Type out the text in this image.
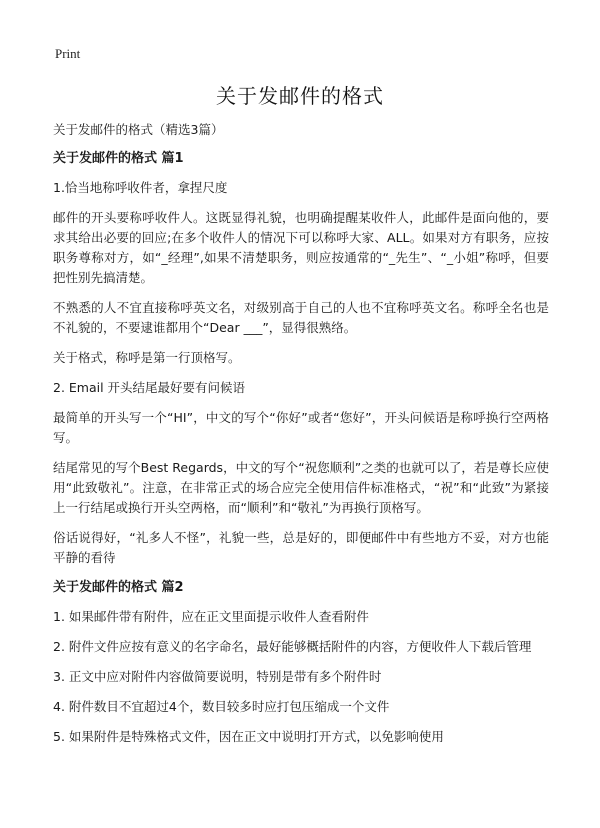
Print
关于发邮件的格式

关于发邮件的格式（精选3篇）

关于发邮件的格式 篇1

1.恰当地称呼收件者，拿捏尺度

邮件的开头要称呼收件人。这既显得礼貌，也明确提醒某收件人，此邮件是面向他的，要求其给出必要的回应;在多个收件人的情况下可以称呼大家、ALL。如果对方有职务，应按职务尊称对方，如“_经理”,如果不清楚职务，则应按通常的“_先生”、“_小姐”称呼，但要把性别先搞清楚。

不熟悉的人不宜直接称呼英文名，对级别高于自己的人也不宜称呼英文名。称呼全名也是不礼貌的，不要逮谁都用个“Dear ___”，显得很熟络。

关于格式，称呼是第一行顶格写。

2. Email 开头结尾最好要有问候语

最简单的开头写一个“HI”，中文的写个“你好”或者“您好”，开头问候语是称呼换行空两格写。

结尾常见的写个Best Regards，中文的写个“祝您顺利”之类的也就可以了，若是尊长应使用“此致敬礼”。注意，在非常正式的场合应完全使用信件标准格式，“祝”和“此致”为紧接上一行结尾或换行开头空两格，而“顺利”和“敬礼”为再换行顶格写。

俗话说得好，“礼多人不怪”，礼貌一些，总是好的，即便邮件中有些地方不妥，对方也能平静的看待

关于发邮件的格式 篇2

1. 如果邮件带有附件，应在正文里面提示收件人查看附件

2. 附件文件应按有意义的名字命名，最好能够概括附件的内容，方便收件人下载后管理

3. 正文中应对附件内容做简要说明，特别是带有多个附件时

4. 附件数目不宜超过4个，数目较多时应打包压缩成一个文件

5. 如果附件是特殊格式文件，因在正文中说明打开方式，以免影响使用
